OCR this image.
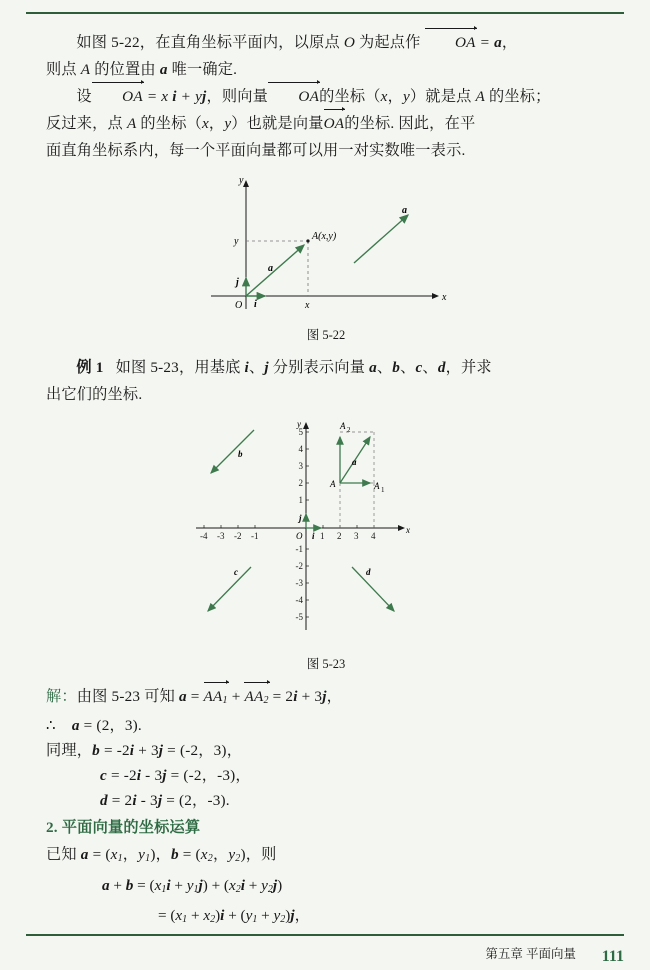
如图 5-22，在直角坐标平面内，以原点 O 为起点作 OA = a，

则点 A 的位置由 a 唯一确定.

设 OA = x i + yj，则向量 OA的坐标（x，y）就是点 A 的坐标；

反过来，点 A 的坐标（x，y）也就是向量OA的坐标. 因此，在平

面直角坐标系内，每一个平面向量都可以用一对实数唯一表示.

x
y
O
y
x
A(x,y)
a
i
j
a
图 5-22

例 1   如图 5-23，用基底 i、j 分别表示向量 a、b、c、d，并求

出它们的坐标.

x
y
O
-4 -3 -2 -1	1 2 3 4
5
4
3
2
1
-1
-2
-3
-4
-5
a
A	A 1
A 2
i
j
b
c	d
图 5-23

解：由图 5-23 可知 $a = AA_1 + AA_2 = 2i + 3j$，

∴ a = (2，3).

同理，b = -2i + 3j = (-2，3)，

c = -2i - 3j = (-2，-3)，

d = 2i - 3j = (2，-3).

2. 平面向量的坐标运算

已知 $a = (x_1$，$y_1$)，$b = (x_2$，$y_2$)，则

$a + b = (x_1i + y_1j) + (x_2i + y_2j)$
= $(x_1 + x_2)i + (y_1 + y_2)j$，
第五章 平面向量 111
